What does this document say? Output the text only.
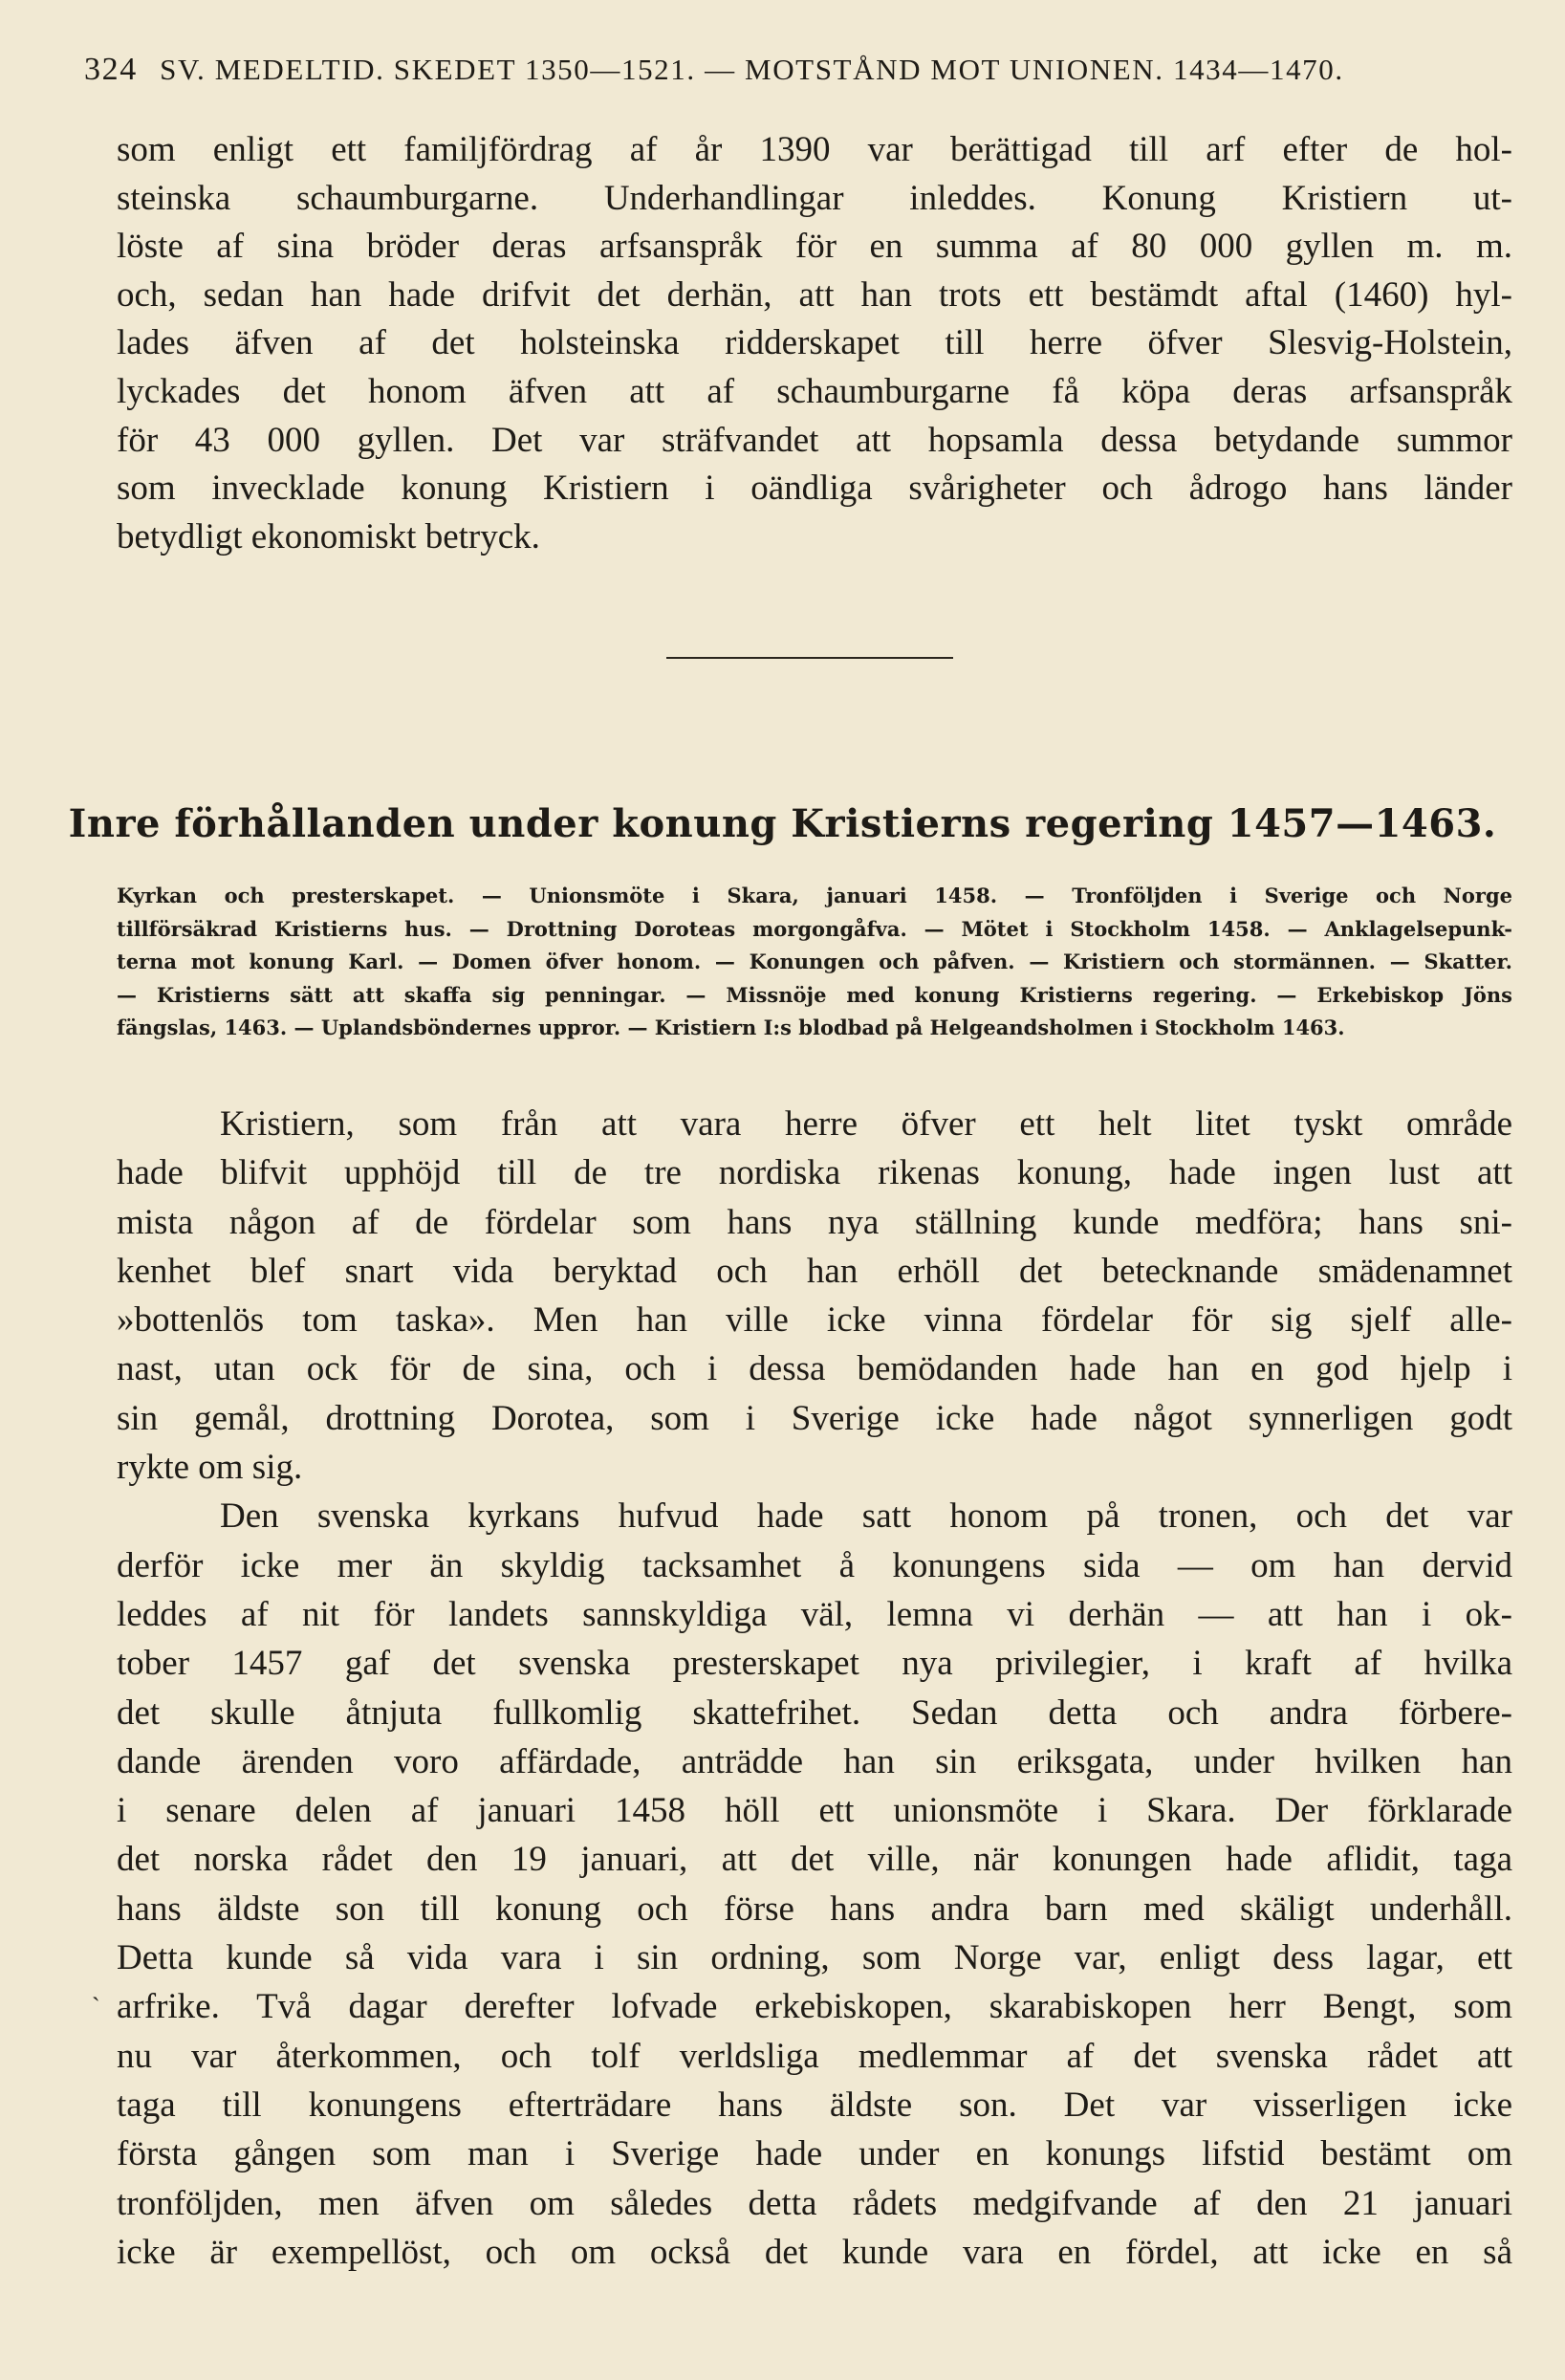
324 SV. MEDELTID. SKEDET 1350—1521. — MOTSTÅND MOT UNIONEN. 1434—1470.
som enligt ett familjfördrag af år 1390 var berättigad till arf efter de hol-
steinska schaumburgarne. Underhandlingar inleddes. Konung Kristiern ut-
löste af sina bröder deras arfsanspråk för en summa af 80 000 gyllen m. m.
och, sedan han hade drifvit det derhän, att han trots ett bestämdt aftal (1460) hyl-
lades äfven af det holsteinska ridderskapet till herre öfver Slesvig-Holstein,
lyckades det honom äfven att af schaumburgarne få köpa deras arfsanspråk
för 43 000 gyllen. Det var sträfvandet att hopsamla dessa betydande summor
som invecklade konung Kristiern i oändliga svårigheter och ådrogo hans länder
betydligt ekonomiskt betryck.
Inre förhållanden under konung Kristierns regering 1457—1463.
Kyrkan och presterskapet. — Unionsmöte i Skara, januari 1458. — Tronföljden i Sverige och Norge
tillförsäkrad Kristierns hus. — Drottning Doroteas morgongåfva. — Mötet i Stockholm 1458. — Anklagelsepunk-
terna mot konung Karl. — Domen öfver honom. — Konungen och påfven. — Kristiern och stormännen. — Skatter.
— Kristierns sätt att skaffa sig penningar. — Missnöje med konung Kristierns regering. — Erkebiskop Jöns
fängslas, 1463. — Uplandsböndernes uppror. — Kristiern I:s blodbad på Helgeandsholmen i Stockholm 1463.
ˏ
Kristiern, som från att vara herre öfver ett helt litet tyskt område
hade blifvit upphöjd till de tre nordiska rikenas konung, hade ingen lust att
mista någon af de fördelar som hans nya ställning kunde medföra; hans sni-
kenhet blef snart vida beryktad och han erhöll det betecknande smädenamnet
»bottenlös tom taska». Men han ville icke vinna fördelar för sig sjelf alle-
nast, utan ock för de sina, och i dessa bemödanden hade han en god hjelp i
sin gemål, drottning Dorotea, som i Sverige icke hade något synnerligen godt
rykte om sig.
Den svenska kyrkans hufvud hade satt honom på tronen, och det var
derför icke mer än skyldig tacksamhet å konungens sida — om han dervid
leddes af nit för landets sannskyldiga väl, lemna vi derhän — att han i ok-
tober 1457 gaf det svenska presterskapet nya privilegier, i kraft af hvilka
det skulle åtnjuta fullkomlig skattefrihet. Sedan detta och andra förbere-
dande ärenden voro affärdade, anträdde han sin eriksgata, under hvilken han
i senare delen af januari 1458 höll ett unionsmöte i Skara. Der förklarade
det norska rådet den 19 januari, att det ville, när konungen hade aflidit, taga
hans äldste son till konung och förse hans andra barn med skäligt underhåll.
Detta kunde så vida vara i sin ordning, som Norge var, enligt dess lagar, ett
arfrike. Två dagar derefter lofvade erkebiskopen, skarabiskopen herr Bengt, som
nu var återkommen, och tolf verldsliga medlemmar af det svenska rådet att
taga till konungens efterträdare hans äldste son. Det var visserligen icke
första gången som man i Sverige hade under en konungs lifstid bestämt om
tronföljden, men äfven om således detta rådets medgifvande af den 21 januari
icke är exempellöst, och om också det kunde vara en fördel, att icke en så
